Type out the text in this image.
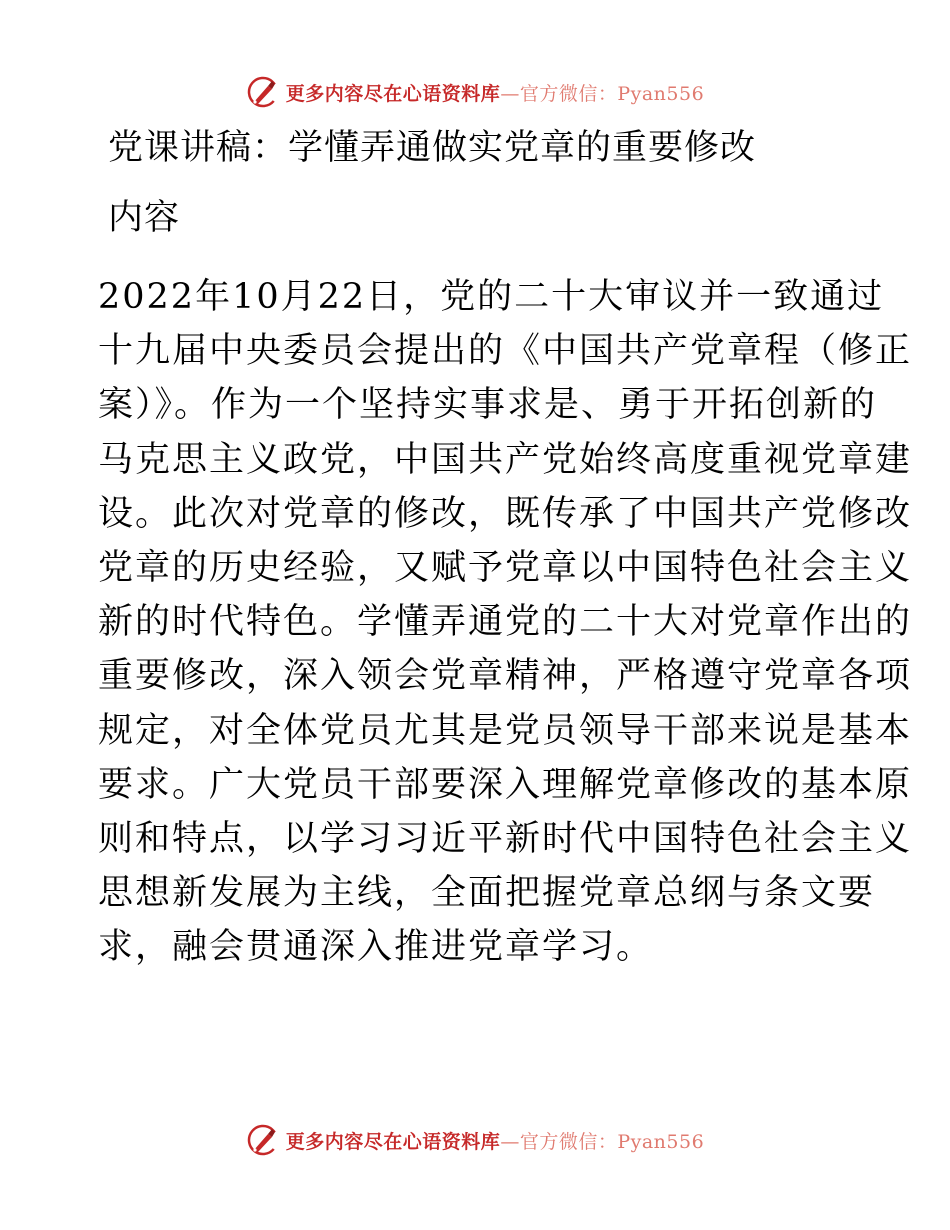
更多内容尽在心语资料库—官方微信：Pyan556
党课讲稿：学懂弄通做实党章的重要修改
内容
2022年10月22日，党的二十大审议并一致通过
十九届中央委员会提出的《中国共产党章程（修正
案）》。作为一个坚持实事求是、勇于开拓创新的
马克思主义政党，中国共产党始终高度重视党章建
设。此次对党章的修改，既传承了中国共产党修改
党章的历史经验，又赋予党章以中国特色社会主义
新的时代特色。学懂弄通党的二十大对党章作出的
重要修改，深入领会党章精神，严格遵守党章各项
规定，对全体党员尤其是党员领导干部来说是基本
要求。广大党员干部要深入理解党章修改的基本原
则和特点，以学习习近平新时代中国特色社会主义
思想新发展为主线，全面把握党章总纲与条文要
求，融会贯通深入推进党章学习。
更多内容尽在心语资料库—官方微信：Pyan556
